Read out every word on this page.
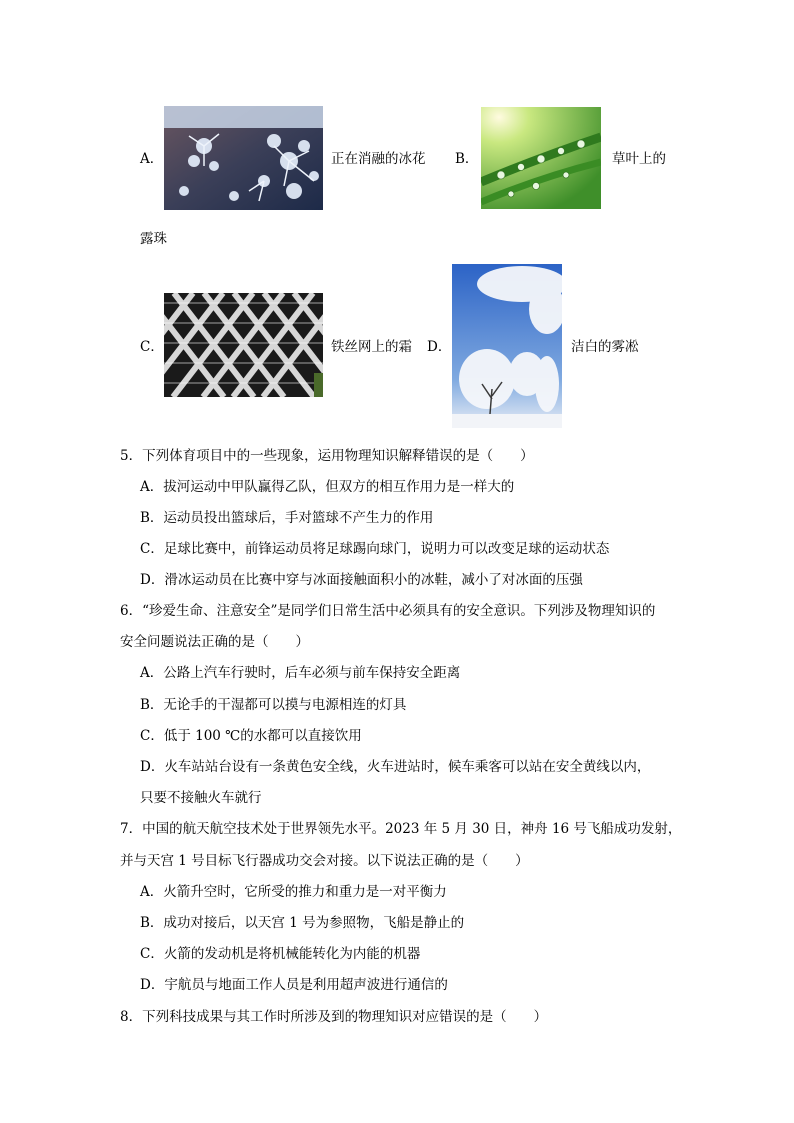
A．	正在消融的冰花 B．	草叶上的
露珠
C．	铁丝网上的霜 D．	洁白的雾凇
5．下列体育项目中的一些现象，运用物理知识解释错误的是（　　）
A．拔河运动中甲队赢得乙队，但双方的相互作用力是一样大的
B．运动员投出篮球后，手对篮球不产生力的作用
C．足球比赛中，前锋运动员将足球踢向球门，说明力可以改变足球的运动状态
D．滑冰运动员在比赛中穿与冰面接触面积小的冰鞋，减小了对冰面的压强
6．“珍爱生命、注意安全”是同学们日常生活中必须具有的安全意识。下列涉及物理知识的
安全问题说法正确的是（　　）
A．公路上汽车行驶时，后车必须与前车保持安全距离
B．无论手的干湿都可以摸与电源相连的灯具
C．低于 100 ℃的水都可以直接饮用
D．火车站站台设有一条黄色安全线，火车进站时，候车乘客可以站在安全黄线以内，
只要不接触火车就行
7．中国的航天航空技术处于世界领先水平。2023 年 5 月 30 日，神舟 16 号飞船成功发射，
并与天宫 1 号目标飞行器成功交会对接。以下说法正确的是（　　）
A．火箭升空时，它所受的推力和重力是一对平衡力
B．成功对接后，以天宫 1 号为参照物，飞船是静止的
C．火箭的发动机是将机械能转化为内能的机器
D．宇航员与地面工作人员是利用超声波进行通信的
8．下列科技成果与其工作时所涉及到的物理知识对应错误的是（　　）
